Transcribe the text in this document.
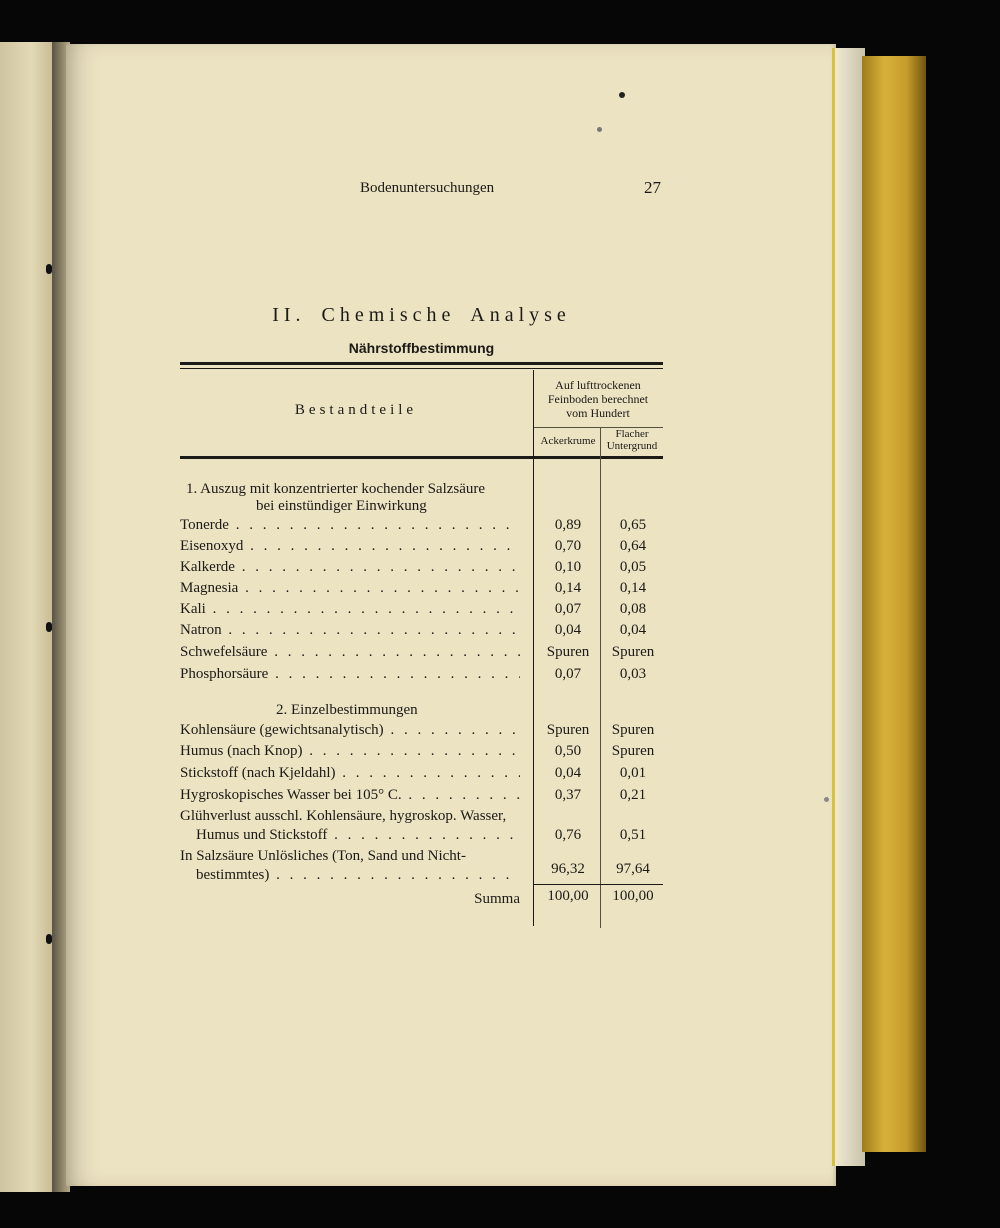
Bodenuntersuchungen	27
II. Chemische Analyse
Nährstoffbestimmung
Bestandteile
Auf lufttrockenen
Feinboden berechnet
vom Hundert
Ackerkrume
Flacher
Untergrund
1. Auszug mit konzentrierter kochender Salzsäure
bei einstündiger Einwirkung
Tonerde . . .	0,89	0,65
Eisenoxyd . . .	0,70	0,64
Kalkerde . . .	0,10	0,05
Magnesia . . .	0,14	0,14
Kali . . .	0,07	0,08
Natron . . .	0,04	0,04
Schwefelsäure . . .	Spuren	Spuren
Phosphorsäure . . .	0,07	0,03
2. Einzelbestimmungen
Kohlensäure (gewichtsanalytisch) . . .	Spuren	Spuren
Humus (nach Knop) . . .	0,50	Spuren
Stickstoff (nach Kjeldahl) . . .	0,04	0,01
Hygroskopisches Wasser bei 105° C. . . .	0,37	0,21
Glühverlust ausschl. Kohlensäure, hygroskop. Wasser,
Humus und Stickstoff . . .	0,76	0,51
In Salzsäure Unlösliches (Ton, Sand und Nicht-
bestimmtes) . . .	96,32	97,64
Summa	100,00	100,00
